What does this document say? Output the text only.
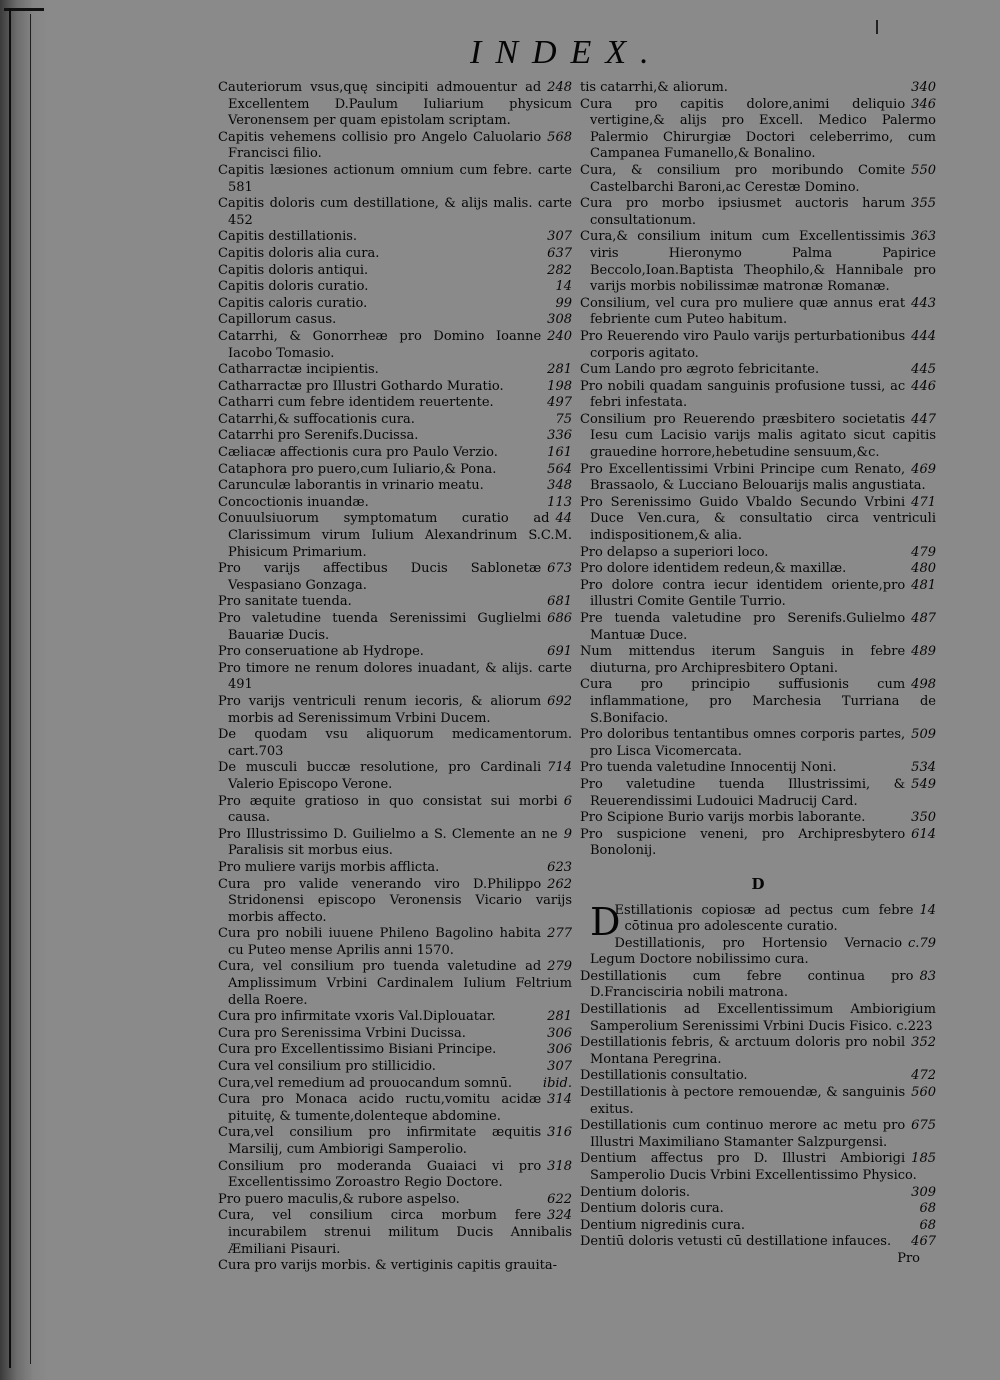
INDEX.
248
Cauteriorum vsus,quę sincipiti admouentur ad Excellentem D.Paulum Iuliarium physicum Veronensem per quam epistolam scriptam.
568
Capitis vehemens collisio pro Angelo Caluolario Francisci filio.
Capitis læsiones actionum omnium cum febre. carte 581
Capitis doloris cum destillatione, & alijs malis. carte 452
307
Capitis destillationis.
637
Capitis doloris alia cura.
282
Capitis doloris antiqui.
14
Capitis doloris curatio.
99
Capitis caloris curatio.
308
Capillorum casus.
240
Catarrhi, & Gonorrheæ pro Domino Ioanne Iacobo Tomasio.
281
Catharractæ incipientis.
198
Catharractæ pro Illustri Gothardo Muratio.
497
Catharri cum febre identidem reuertente.
75
Catarrhi,& suffocationis cura.
336
Catarrhi pro Serenifs.Ducissa.
161
Cæliacæ affectionis cura pro Paulo Verzio.
564
Cataphora pro puero,cum Iuliario,& Pona.
348
Carunculæ laborantis in vrinario meatu.
113
Concoctionis inuandæ.
44
Conuulsiuorum symptomatum curatio ad Clarissimum virum Iulium Alexandrinum S.C.M. Phisicum Primarium.
673
Pro varijs affectibus Ducis Sablonetæ Vespasiano Gonzaga.
681
Pro sanitate tuenda.
686
Pro valetudine tuenda Serenissimi Guglielmi Bauariæ Ducis.
691
Pro conseruatione ab Hydrope.
Pro timore ne renum dolores inuadant, & alijs. carte 491
692
Pro varijs ventriculi renum iecoris, & aliorum morbis ad Serenissimum Vrbini Ducem.
De quodam vsu aliquorum medicamentorum. cart.703
714
De musculi buccæ resolutione, pro Cardinali Valerio Episcopo Verone.
6
Pro æquite gratioso in quo consistat sui morbi causa.
9
Pro Illustrissimo D. Guilielmo a S. Clemente an ne Paralisis sit morbus eius.
623
Pro muliere varijs morbis afflicta.
262
Cura pro valide venerando viro D.Philippo Stridonensi episcopo Veronensis Vicario varijs morbis affecto.
277
Cura pro nobili iuuene Phileno Bagolino habita cu Puteo mense Aprilis anni 1570.
279
Cura, vel consilium pro tuenda valetudine ad Amplissimum Vrbini Cardinalem Iulium Feltrium della Roere.
281
Cura pro infirmitate vxoris Val.Diplouatar.
306
Cura pro Serenissima Vrbini Ducissa.
306
Cura pro Excellentissimo Bisiani Principe.
307
Cura vel consilium pro stillicidio.
ibid.
Cura,vel remedium ad prouocandum somnū.
314
Cura pro Monaca acido ructu,vomitu acidæ pituitę, & tumente,dolenteque abdomine.
316
Cura,vel consilium pro infirmitate æquitis Marsilij, cum Ambiorigi Samperolio.
318
Consilium pro moderanda Guaiaci vi pro Excellentissimo Zoroastro Regio Doctore.
622
Pro puero maculis,& rubore aspelso.
324
Cura, vel consilium circa morbum fere incurabilem strenui militum Ducis Annibalis Æmiliani Pisauri.
Cura pro varijs morbis. & vertiginis capitis grauita-
340
tis catarrhi,& aliorum.
346
Cura pro capitis dolore,animi deliquio vertigine,& alijs pro Excell. Medico Palermo Palermio Chirurgiæ Doctori celeberrimo, cum Campanea Fumanello,& Bonalino.
550
Cura, & consilium pro moribundo Comite Castelbarchi Baroni,ac Cerestæ Domino.
355
Cura pro morbo ipsiusmet auctoris harum consultationum.
363
Cura,& consilium initum cum Excellentissimis viris Hieronymo Palma Papirice Beccolo,Ioan.Baptista Theophilo,& Hannibale pro varijs morbis nobilissimæ matronæ Romanæ.
443
Consilium, vel cura pro muliere quæ annus erat febriente cum Puteo habitum.
444
Pro Reuerendo viro Paulo varijs perturbationibus corporis agitato.
445
Cum Lando pro ægroto febricitante.
446
Pro nobili quadam sanguinis profusione tussi, ac febri infestata.
447
Consilium pro Reuerendo præsbitero societatis Iesu cum Lacisio varijs malis agitato sicut capitis grauedine horrore,hebetudine sensuum,&c.
469
Pro Excellentissimi Vrbini Principe cum Renato, Brassaolo, & Lucciano Belouarijs malis angustiata.
471
Pro Serenissimo Guido Vbaldo Secundo Vrbini Duce Ven.cura, & consultatio circa ventriculi indispositionem,& alia.
479
Pro delapso a superiori loco.
480
Pro dolore identidem redeun,& maxillæ.
481
Pro dolore contra iecur identidem oriente,pro illustri Comite Gentile Turrio.
487
Pre tuenda valetudine pro Serenifs.Gulielmo Mantuæ Duce.
489
Num mittendus iterum Sanguis in febre diuturna, pro Archipresbitero Optani.
498
Cura pro principio suffusionis cum inflammatione, pro Marchesia Turriana de S.Bonifacio.
509
Pro doloribus tentantibus omnes corporis partes, pro Lisca Vicomercata.
534
Pro tuenda valetudine Innocentij Noni.
549
Pro valetudine tuenda Illustrissimi, & Reuerendissimi Ludouici Madrucij Card.
350
Pro Scipione Burio varijs morbis laborante.
614
Pro suspicione veneni, pro Archipresbytero Bonolonij.
D
D	14
Estillationis copiosæ ad pectus cum febre cōtinua pro adolescente curatio.
c.79
Destillationis, pro Hortensio Vernacio Legum Doctore nobilissimo cura.
83
Destillationis cum febre continua pro D.Francisciria nobili matrona.
Destillationis ad Excellentissimum Ambiorigium Samperolium Serenissimi Vrbini Ducis Fisico. c.223
352
Destillationis febris, & arctuum doloris pro nobil Montana Peregrina.
472
Destillationis consultatio.
560
Destillationis à pectore remouendæ, & sanguinis exitus.
675
Destillationis cum continuo merore ac metu pro Illustri Maximiliano Stamanter Salzpurgensi.
185
Dentium affectus pro D. Illustri Ambiorigi Samperolio Ducis Vrbini Excellentissimo Physico.
309
Dentium doloris.
68
Dentium doloris cura.
68
Dentium nigredinis cura.
467
Dentiū doloris vetusti cū destillatione infauces.
Pro
